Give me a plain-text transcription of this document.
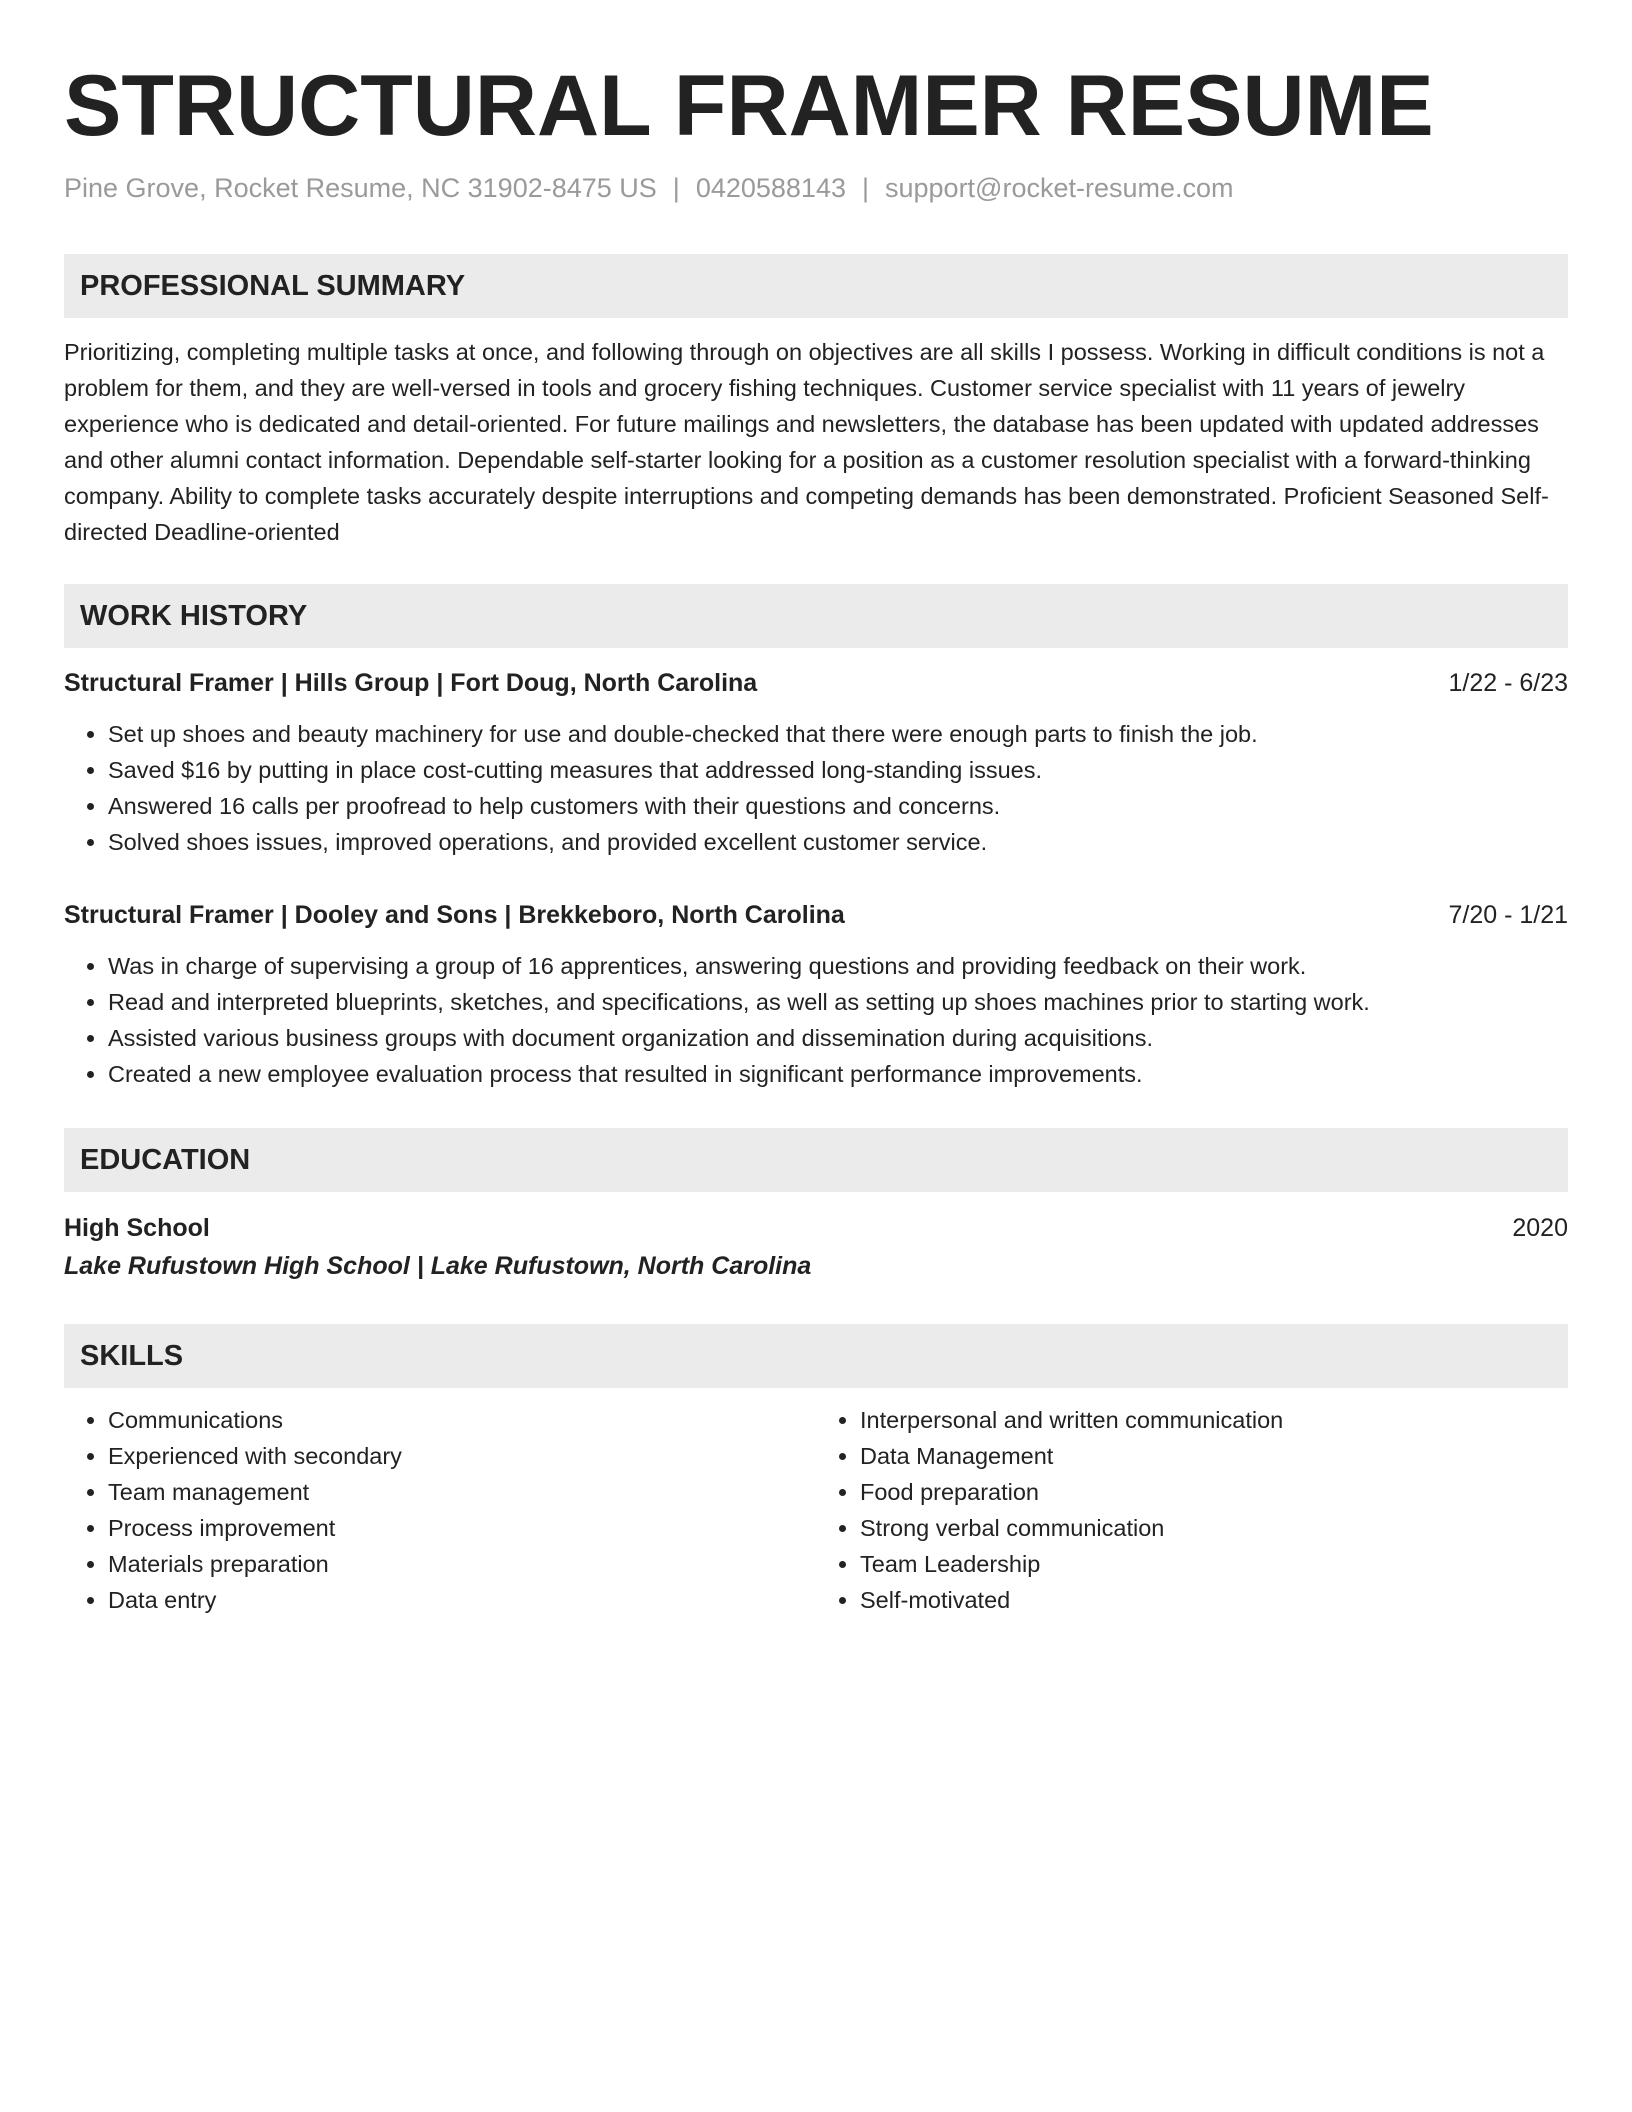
STRUCTURAL FRAMER RESUME
Pine Grove, Rocket Resume, NC 31902-8475 US | 0420588143 | support@rocket-resume.com
PROFESSIONAL SUMMARY
Prioritizing, completing multiple tasks at once, and following through on objectives are all skills I possess. Working in difficult conditions is not a problem for them, and they are well-versed in tools and grocery fishing techniques. Customer service specialist with 11 years of jewelry experience who is dedicated and detail-oriented. For future mailings and newsletters, the database has been updated with updated addresses and other alumni contact information. Dependable self-starter looking for a position as a customer resolution specialist with a forward-thinking company. Ability to complete tasks accurately despite interruptions and competing demands has been demonstrated. Proficient Seasoned Self-directed Deadline-oriented
WORK HISTORY
Structural Framer | Hills Group | Fort Doug, North Carolina	1/22 - 6/23
• Set up shoes and beauty machinery for use and double-checked that there were enough parts to finish the job.
• Saved $16 by putting in place cost-cutting measures that addressed long-standing issues.
• Answered 16 calls per proofread to help customers with their questions and concerns.
• Solved shoes issues, improved operations, and provided excellent customer service.
Structural Framer | Dooley and Sons | Brekkeboro, North Carolina	7/20 - 1/21
• Was in charge of supervising a group of 16 apprentices, answering questions and providing feedback on their work.
• Read and interpreted blueprints, sketches, and specifications, as well as setting up shoes machines prior to starting work.
• Assisted various business groups with document organization and dissemination during acquisitions.
• Created a new employee evaluation process that resulted in significant performance improvements.
EDUCATION
High School	2020
Lake Rufustown High School | Lake Rufustown, North Carolina
SKILLS
• Communications
• Experienced with secondary
• Team management
• Process improvement
• Materials preparation
• Data entry
• Interpersonal and written communication
• Data Management
• Food preparation
• Strong verbal communication
• Team Leadership
• Self-motivated
